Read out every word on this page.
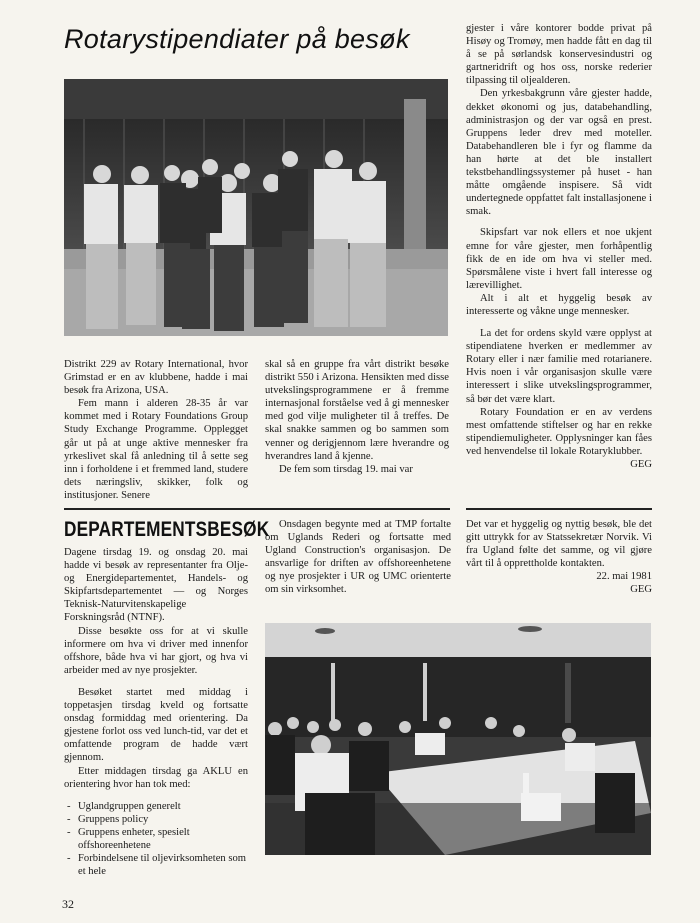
Rotarystipendiater på besøk

Distrikt 229 av Rotary International, hvor Grimstad er en av klubbene, hadde i mai besøk fra Arizona, USA.

Fem mann i alderen 28-35 år var kommet med i Rotary Foundations Group Study Exchange Programme. Opplegget går ut på at unge aktive mennesker fra yrkeslivet skal få anledning til å sette seg inn i forholdene i et fremmed land, studere dets næringsliv, skikker, folk og institusjoner. Senere

skal så en gruppe fra vårt distrikt besøke distrikt 550 i Arizona. Hensikten med disse utvekslingsprogrammene er å fremme internasjonal forståelse ved å gi mennesker med god vilje muligheter til å treffes. De skal snakke sammen og bo sammen som venner og derigjennom lære hverandre og hverandres land å kjenne.

De fem som tirsdag 19. mai var

gjester i våre kontorer bodde privat på Hisøy og Tromøy, men hadde fått en dag til å se på sørlandsk konservesindustri og gartneridrift og hos oss, norske rederier tilpassing til oljealderen.

Den yrkesbakgrunn våre gjester hadde, dekket økonomi og jus, databehandling, administrasjon og der var også en prest. Gruppens leder drev med moteller. Databehandleren ble i fyr og flamme da han hørte at det ble installert tekstbehandlingssystemer på huset - han måtte omgående inspisere. Så vidt undertegnede oppfattet falt installasjonene i smak.

Skipsfart var nok ellers et noe ukjent emne for våre gjester, men forhåpentlig fikk de en ide om hva vi steller med. Spørsmålene viste i hvert fall interesse og lærevillighet.

Alt i alt et hyggelig besøk av interesserte og våkne unge mennesker.

La det for ordens skyld være opplyst at stipendiatene hverken er medlemmer av Rotary eller i nær familie med rotarianere. Hvis noen i vår organisasjon skulle være interessert i slike utvekslingsprogrammer, så bør det være klart.

Rotary Foundation er en av verdens mest omfattende stiftelser og har en rekke stipendiemuligheter. Opplysninger kan fåes ved henvendelse til lokale Rotaryklubber.

GEG

DEPARTEMENTSBESØK

Dagene tirsdag 19. og onsdag 20. mai hadde vi besøk av representanter fra Olje- og Energidepartementet, Handels- og Skipfartsdepartementet — og Norges Teknisk-Naturvitenskapelige Forskningsråd (NTNF).

Disse besøkte oss for at vi skulle informere om hva vi driver med innenfor offshore, både hva vi har gjort, og hva vi arbeider med av nye prosjekter.

Besøket startet med middag i toppetasjen tirsdag kveld og fortsatte onsdag formiddag med orientering. Da gjestene forlot oss ved lunch-tid, var det et omfattende program de hadde vært gjennom.

Etter middagen tirsdag ga AKLU en orientering hvor han tok med:

- Uglandgruppen generelt
- Gruppens policy
- Gruppens enheter, spesielt offshoreenhetene
- Forbindelsene til oljevirksomheten som et hele

Onsdagen begynte med at TMP fortalte om Uglands Rederi og fortsatte med Ugland Construction's organisasjon. De ansvarlige for driften av offshoreenhetene og nye prosjekter i UR og UMC orienterte om sin virksomhet.

Det var et hyggelig og nyttig besøk, ble det gitt uttrykk for av Statssekretær Norvik. Vi fra Ugland følte det samme, og vil gjøre vårt til å opprettholde kontakten.

22. mai 1981

GEG

32
